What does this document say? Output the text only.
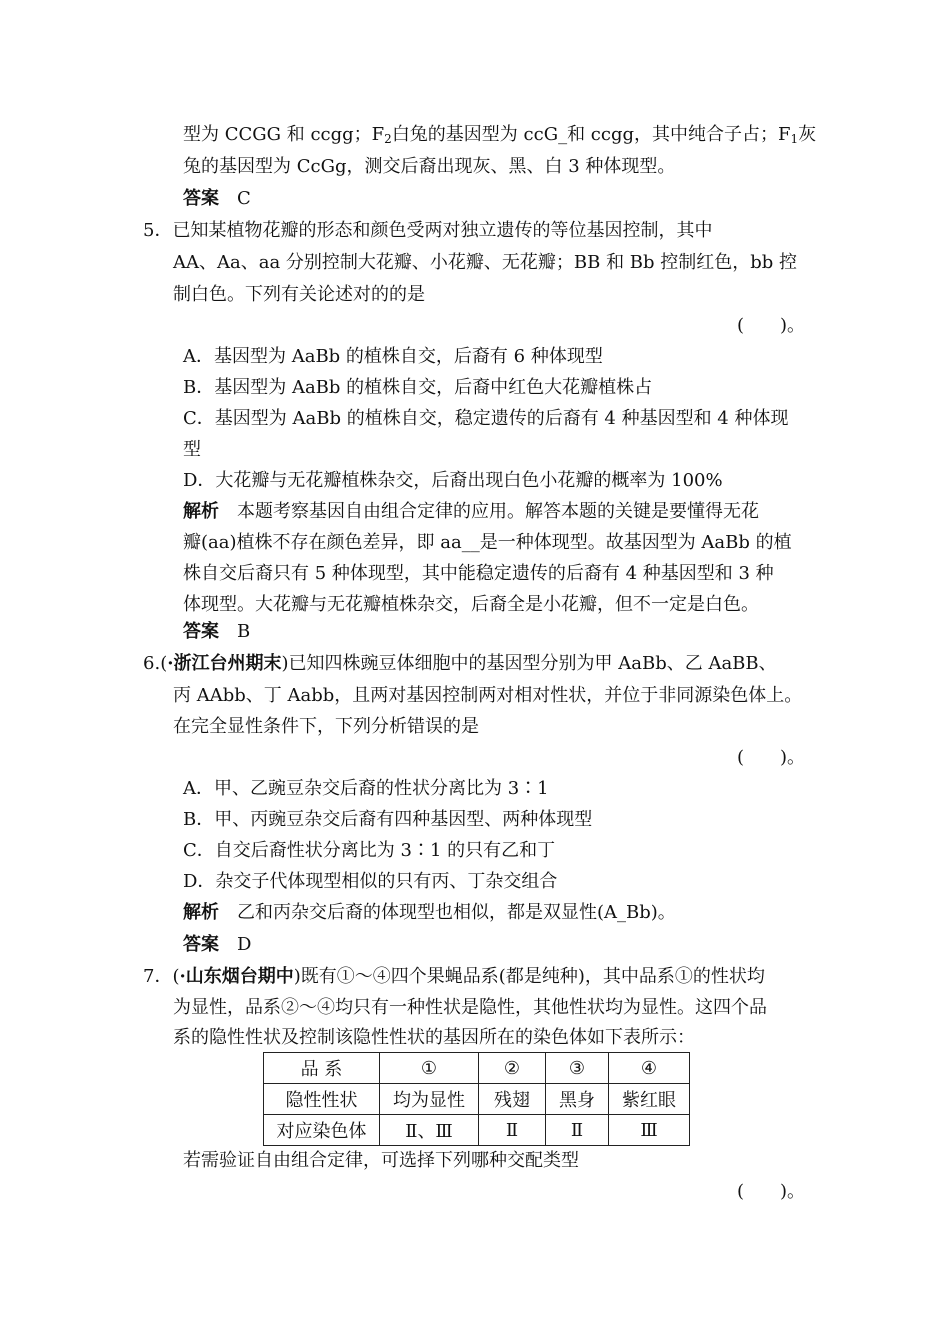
型为 CCGG 和 ccgg；$F_2$白兔的基因型为 ccG_和 ccgg，其中纯合子占；$F_1$灰
兔的基因型为 CcGg，测交后裔出现灰、黑、白 3 种体现型。
答案 C
5．已知某植物花瓣的形态和颜色受两对独立遗传的等位基因控制，其中
AA、Aa、aa 分别控制大花瓣、小花瓣、无花瓣；BB 和 Bb 控制红色，bb 控
制白色。下列有关论述对的的是
(　　)。
A．基因型为 AaBb 的植株自交，后裔有 6 种体现型
B．基因型为 AaBb 的植株自交，后裔中红色大花瓣植株占
C．基因型为 AaBb 的植株自交，稳定遗传的后裔有 4 种基因型和 4 种体现
型
D．大花瓣与无花瓣植株杂交，后裔出现白色小花瓣的概率为 100%
解析 本题考察基因自由组合定律的应用。解答本题的关键是要懂得无花
瓣(aa)植株不存在颜色差异，即 aa__是一种体现型。故基因型为 AaBb 的植
株自交后裔只有 5 种体现型，其中能稳定遗传的后裔有 4 种基因型和 3 种
体现型。大花瓣与无花瓣植株杂交，后裔全是小花瓣，但不一定是白色。
答案 B
6.(·浙江台州期末)已知四株豌豆体细胞中的基因型分别为甲 AaBb、乙 AaBB、
丙 AAbb、丁 Aabb，且两对基因控制两对相对性状，并位于非同源染色体上。
在完全显性条件下，下列分析错误的是
(　　)。
A．甲、乙豌豆杂交后裔的性状分离比为 3∶1
B．甲、丙豌豆杂交后裔有四种基因型、两种体现型
C．自交后裔性状分离比为 3∶1 的只有乙和丁
D．杂交子代体现型相似的只有丙、丁杂交组合
解析 乙和丙杂交后裔的体现型也相似，都是双显性(A_Bb)。
答案 D
7．(·山东烟台期中)既有①～④四个果蝇品系(都是纯种)，其中品系①的性状均
为显性，品系②～④均只有一种性状是隐性，其他性状均为显性。这四个品
系的隐性性状及控制该隐性性状的基因所在的染色体如下表所示：
品 系	①	②	③	④
隐性性状	均为显性	残翅	黑身	紫红眼
对应染色体	Ⅱ、Ⅲ	Ⅱ	Ⅱ	Ⅲ
若需验证自由组合定律，可选择下列哪种交配类型
(　　)。
